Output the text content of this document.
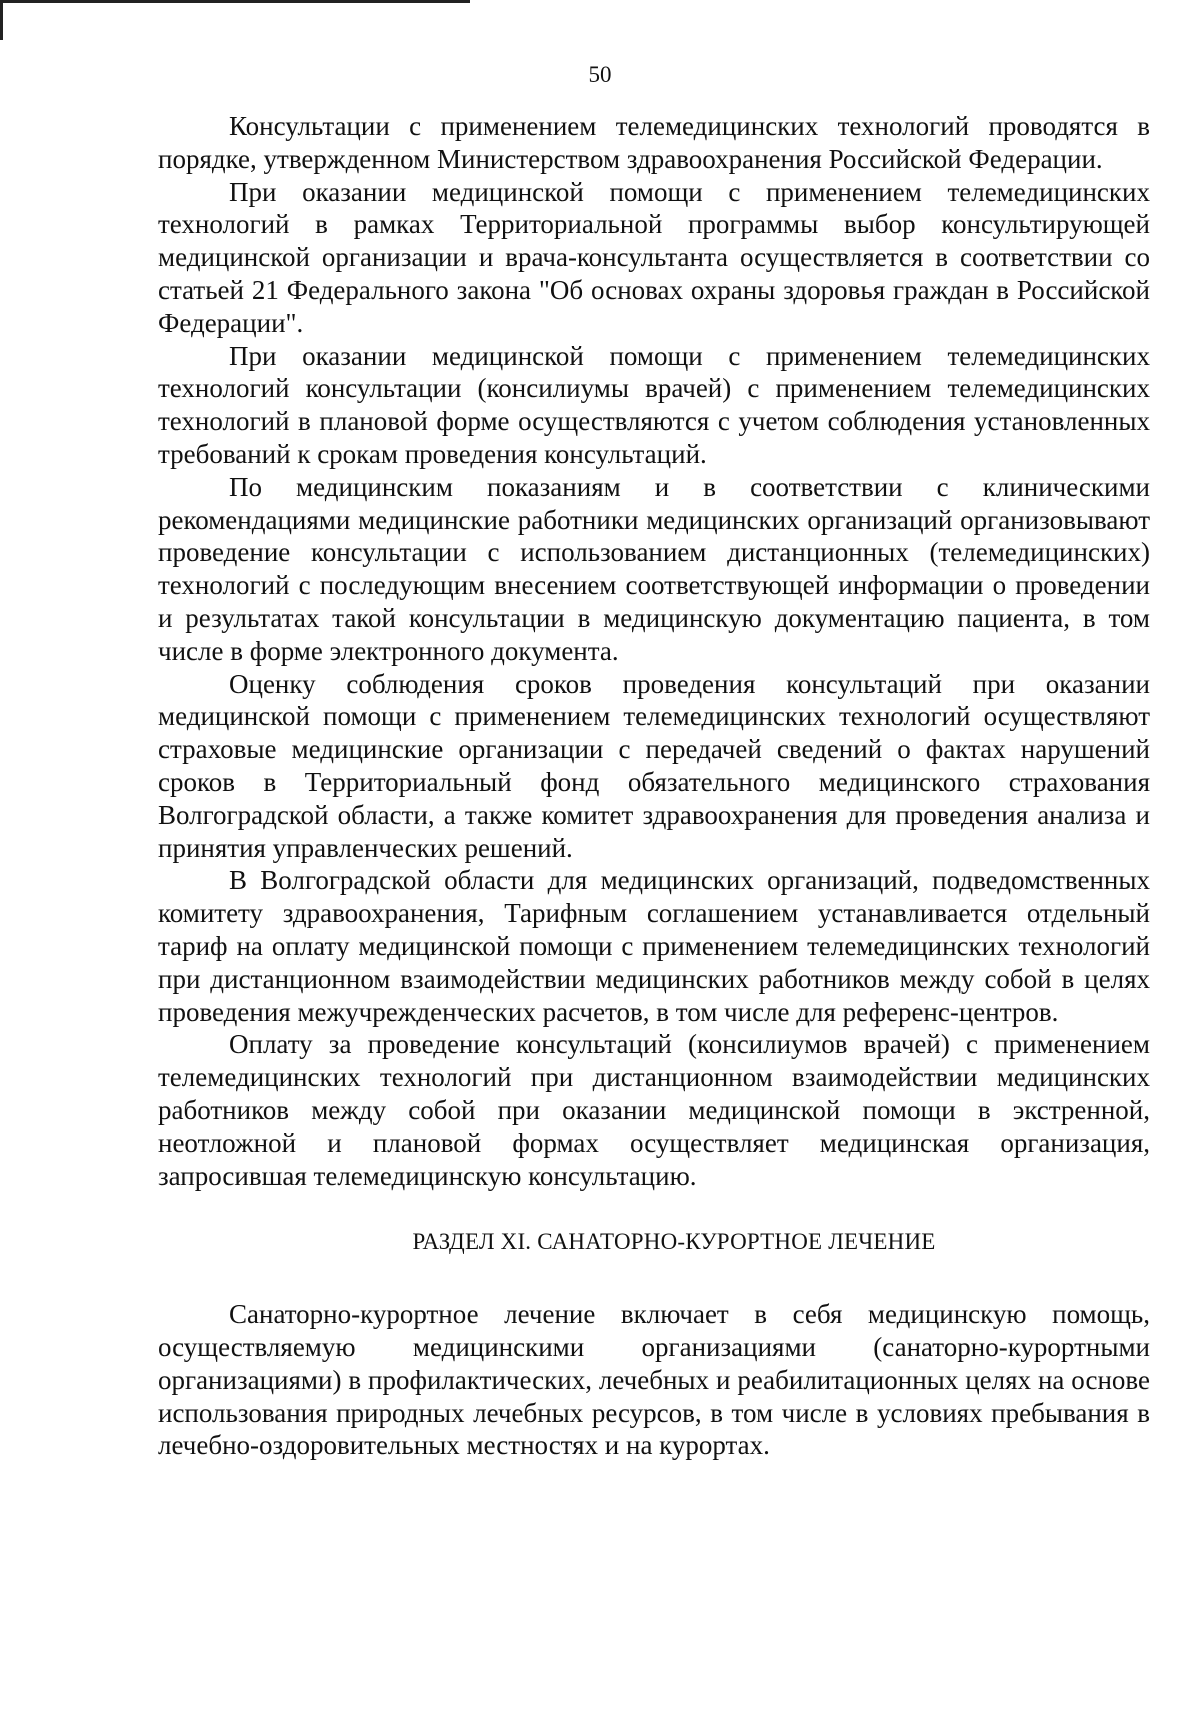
50

Консультации с применением телемедицинских технологий проводятся в порядке, утвержденном Министерством здравоохранения Российской Федерации.

При оказании медицинской помощи с применением телемедицинских технологий в рамках Территориальной программы выбор консультирующей медицинской организации и врача-консультанта осуществляется в соответствии со статьей 21 Федерального закона "Об основах охраны здоровья граждан в Российской Федерации".

При оказании медицинской помощи с применением телемедицинских технологий консультации (консилиумы врачей) с применением телемедицинских технологий в плановой форме осуществляются с учетом соблюдения установленных требований к срокам проведения консультаций.

По медицинским показаниям и в соответствии с клиническими рекомендациями медицинские работники медицинских организаций организовывают проведение консультации с использованием дистанционных (телемедицинских) технологий с последующим внесением соответствующей информации о проведении и результатах такой консультации в медицинскую документацию пациента, в том числе в форме электронного документа.

Оценку соблюдения сроков проведения консультаций при оказании медицинской помощи с применением телемедицинских технологий осуществляют страховые медицинские организации с передачей сведений о фактах нарушений сроков в Территориальный фонд обязательного медицинского страхования Волгоградской области, а также комитет здравоохранения для проведения анализа и принятия управленческих решений.

В Волгоградской области для медицинских организаций, подведомственных комитету здравоохранения, Тарифным соглашением устанавливается отдельный тариф на оплату медицинской помощи с применением телемедицинских технологий при дистанционном взаимодействии медицинских работников между собой в целях проведения межучрежденческих расчетов, в том числе для референс-центров.

Оплату за проведение консультаций (консилиумов врачей) с применением телемедицинских технологий при дистанционном взаимодействии медицинских работников между собой при оказании медицинской помощи в экстренной, неотложной и плановой формах осуществляет медицинская организация, запросившая телемедицинскую консультацию.

РАЗДЕЛ XI. САНАТОРНО-КУРОРТНОЕ ЛЕЧЕНИЕ

Санаторно-курортное лечение включает в себя медицинскую помощь, осуществляемую медицинскими организациями (санаторно-курортными организациями) в профилактических, лечебных и реабилитационных целях на основе использования природных лечебных ресурсов, в том числе в условиях пребывания в лечебно-оздоровительных местностях и на курортах.
